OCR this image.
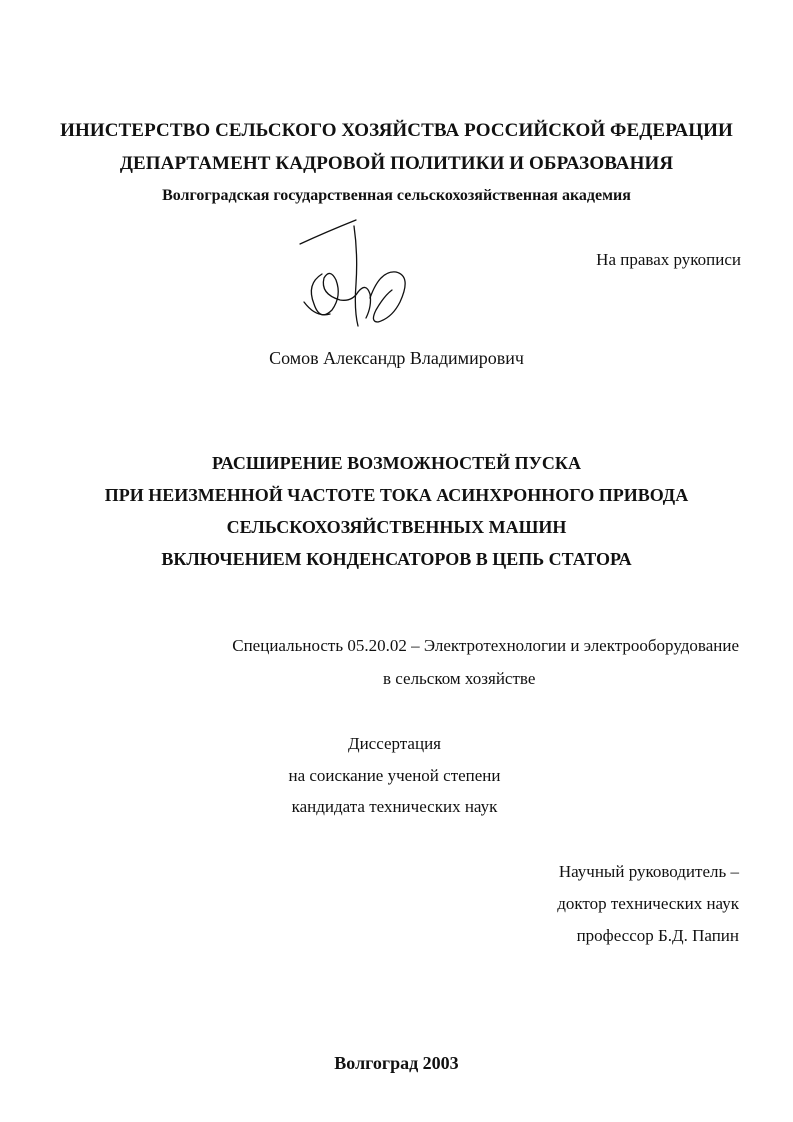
ИНИСТЕРСТВО СЕЛЬСКОГО ХОЗЯЙСТВА РОССИЙСКОЙ ФЕДЕРАЦИИ
ДЕПАРТАМЕНТ КАДРОВОЙ ПОЛИТИКИ И ОБРАЗОВАНИЯ
Волгоградская государственная сельскохозяйственная академия
На правах рукописи
Сомов Александр Владимирович
РАСШИРЕНИЕ ВОЗМОЖНОСТЕЙ ПУСКА
ПРИ НЕИЗМЕННОЙ ЧАСТОТЕ ТОКА АСИНХРОННОГО ПРИВОДА
СЕЛЬСКОХОЗЯЙСТВЕННЫХ МАШИН
ВКЛЮЧЕНИЕМ КОНДЕНСАТОРОВ В ЦЕПЬ СТАТОРА
Специальность 05.20.02 – Электротехнологии и электрооборудование
в сельском хозяйстве
Диссертация
на соискание ученой степени
кандидата технических наук
Научный руководитель –
доктор технических наук
профессор Б.Д. Папин
Волгоград 2003
